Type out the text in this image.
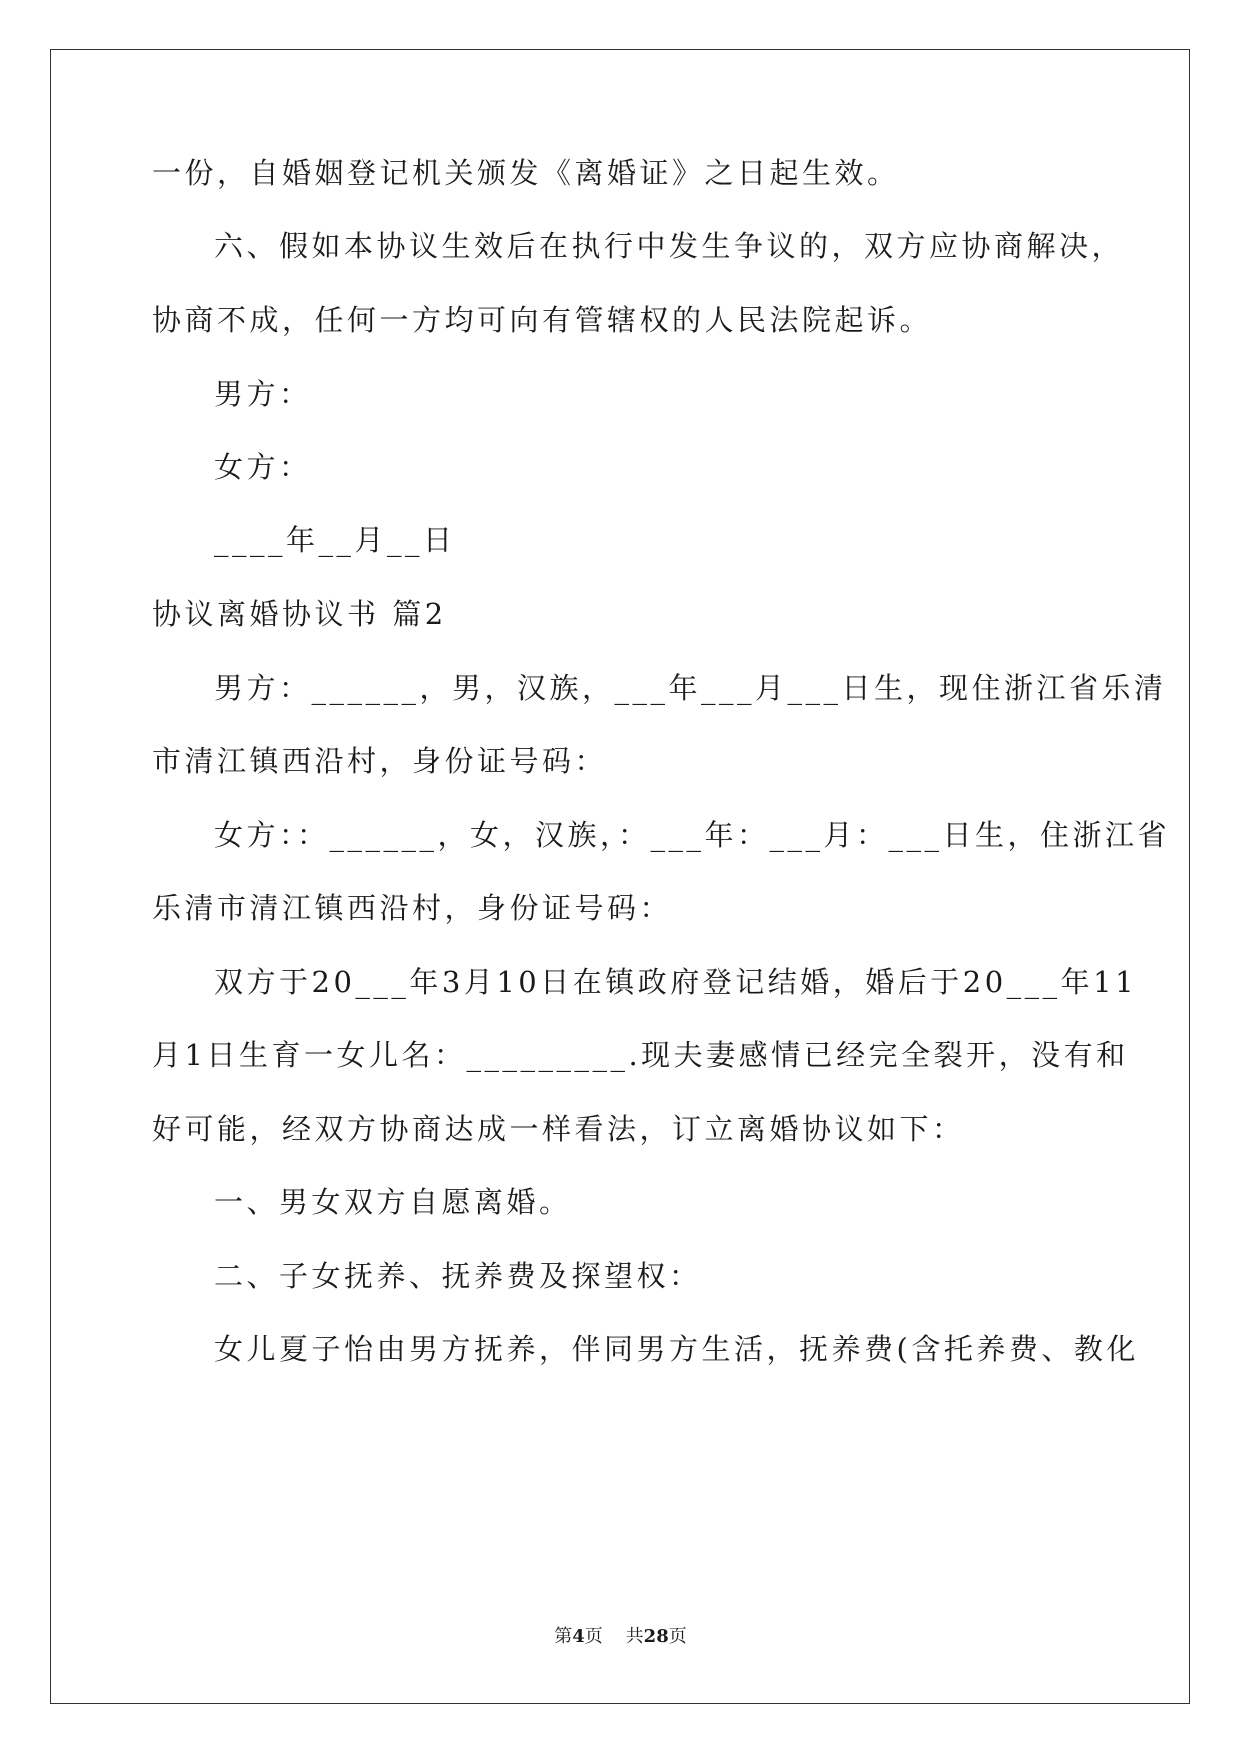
一份，自婚姻登记机关颁发《离婚证》之日起生效。
六、假如本协议生效后在执行中发生争议的，双方应协商解决，
协商不成，任何一方均可向有管辖权的人民法院起诉。
男方：
女方：
____年__月__日
协议离婚协议书 篇2
男方：______，男，汉族，___年___月___日生，现住浙江省乐清
市清江镇西沿村，身份证号码：
女方：：______，女，汉族，：___年：___月：___日生，住浙江省
乐清市清江镇西沿村，身份证号码：
双方于20___年3月10日在镇政府登记结婚，婚后于20___年11
月1日生育一女儿名：_________.现夫妻感情已经完全裂开，没有和
好可能，经双方协商达成一样看法，订立离婚协议如下：
一、男女双方自愿离婚。
二、子女抚养、抚养费及探望权：
女儿夏子怡由男方抚养，伴同男方生活，抚养费(含托养费、教化
第4页 共28页
